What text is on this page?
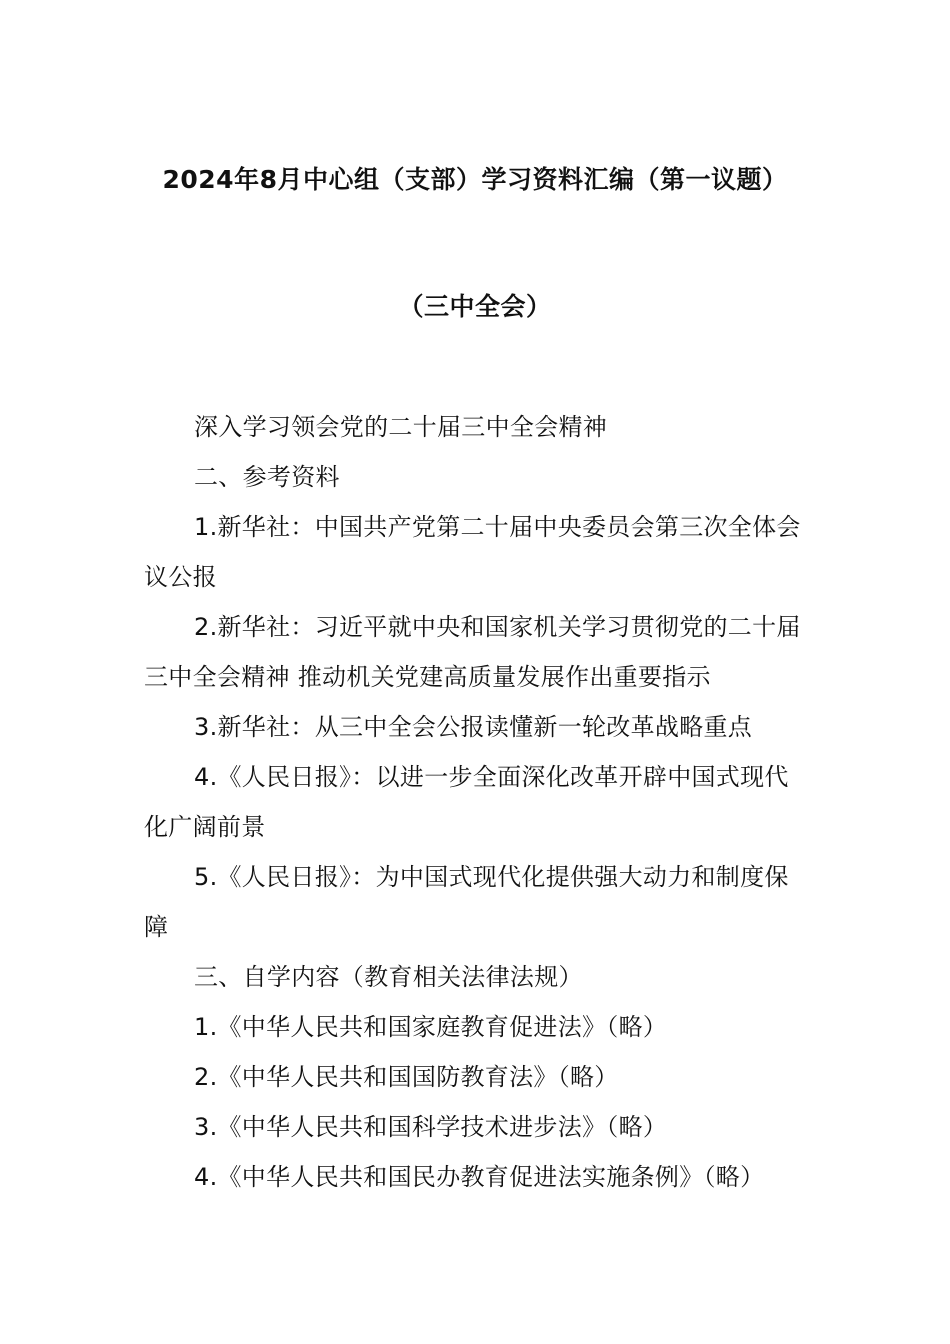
2024年8月中心组（支部）学习资料汇编（第一议题）
（三中全会）

深入学习领会党的二十届三中全会精神

二、参考资料

1.新华社：中国共产党第二十届中央委员会第三次全体会议公报

2.新华社：习近平就中央和国家机关学习贯彻党的二十届三中全会精神 推动机关党建高质量发展作出重要指示

3.新华社：从三中全会公报读懂新一轮改革战略重点

4.《人民日报》：以进一步全面深化改革开辟中国式现代化广阔前景

5.《人民日报》：为中国式现代化提供强大动力和制度保障

三、自学内容（教育相关法律法规）

1.《中华人民共和国家庭教育促进法》（略）

2.《中华人民共和国国防教育法》（略）

3.《中华人民共和国科学技术进步法》（略）

4.《中华人民共和国民办教育促进法实施条例》（略）
